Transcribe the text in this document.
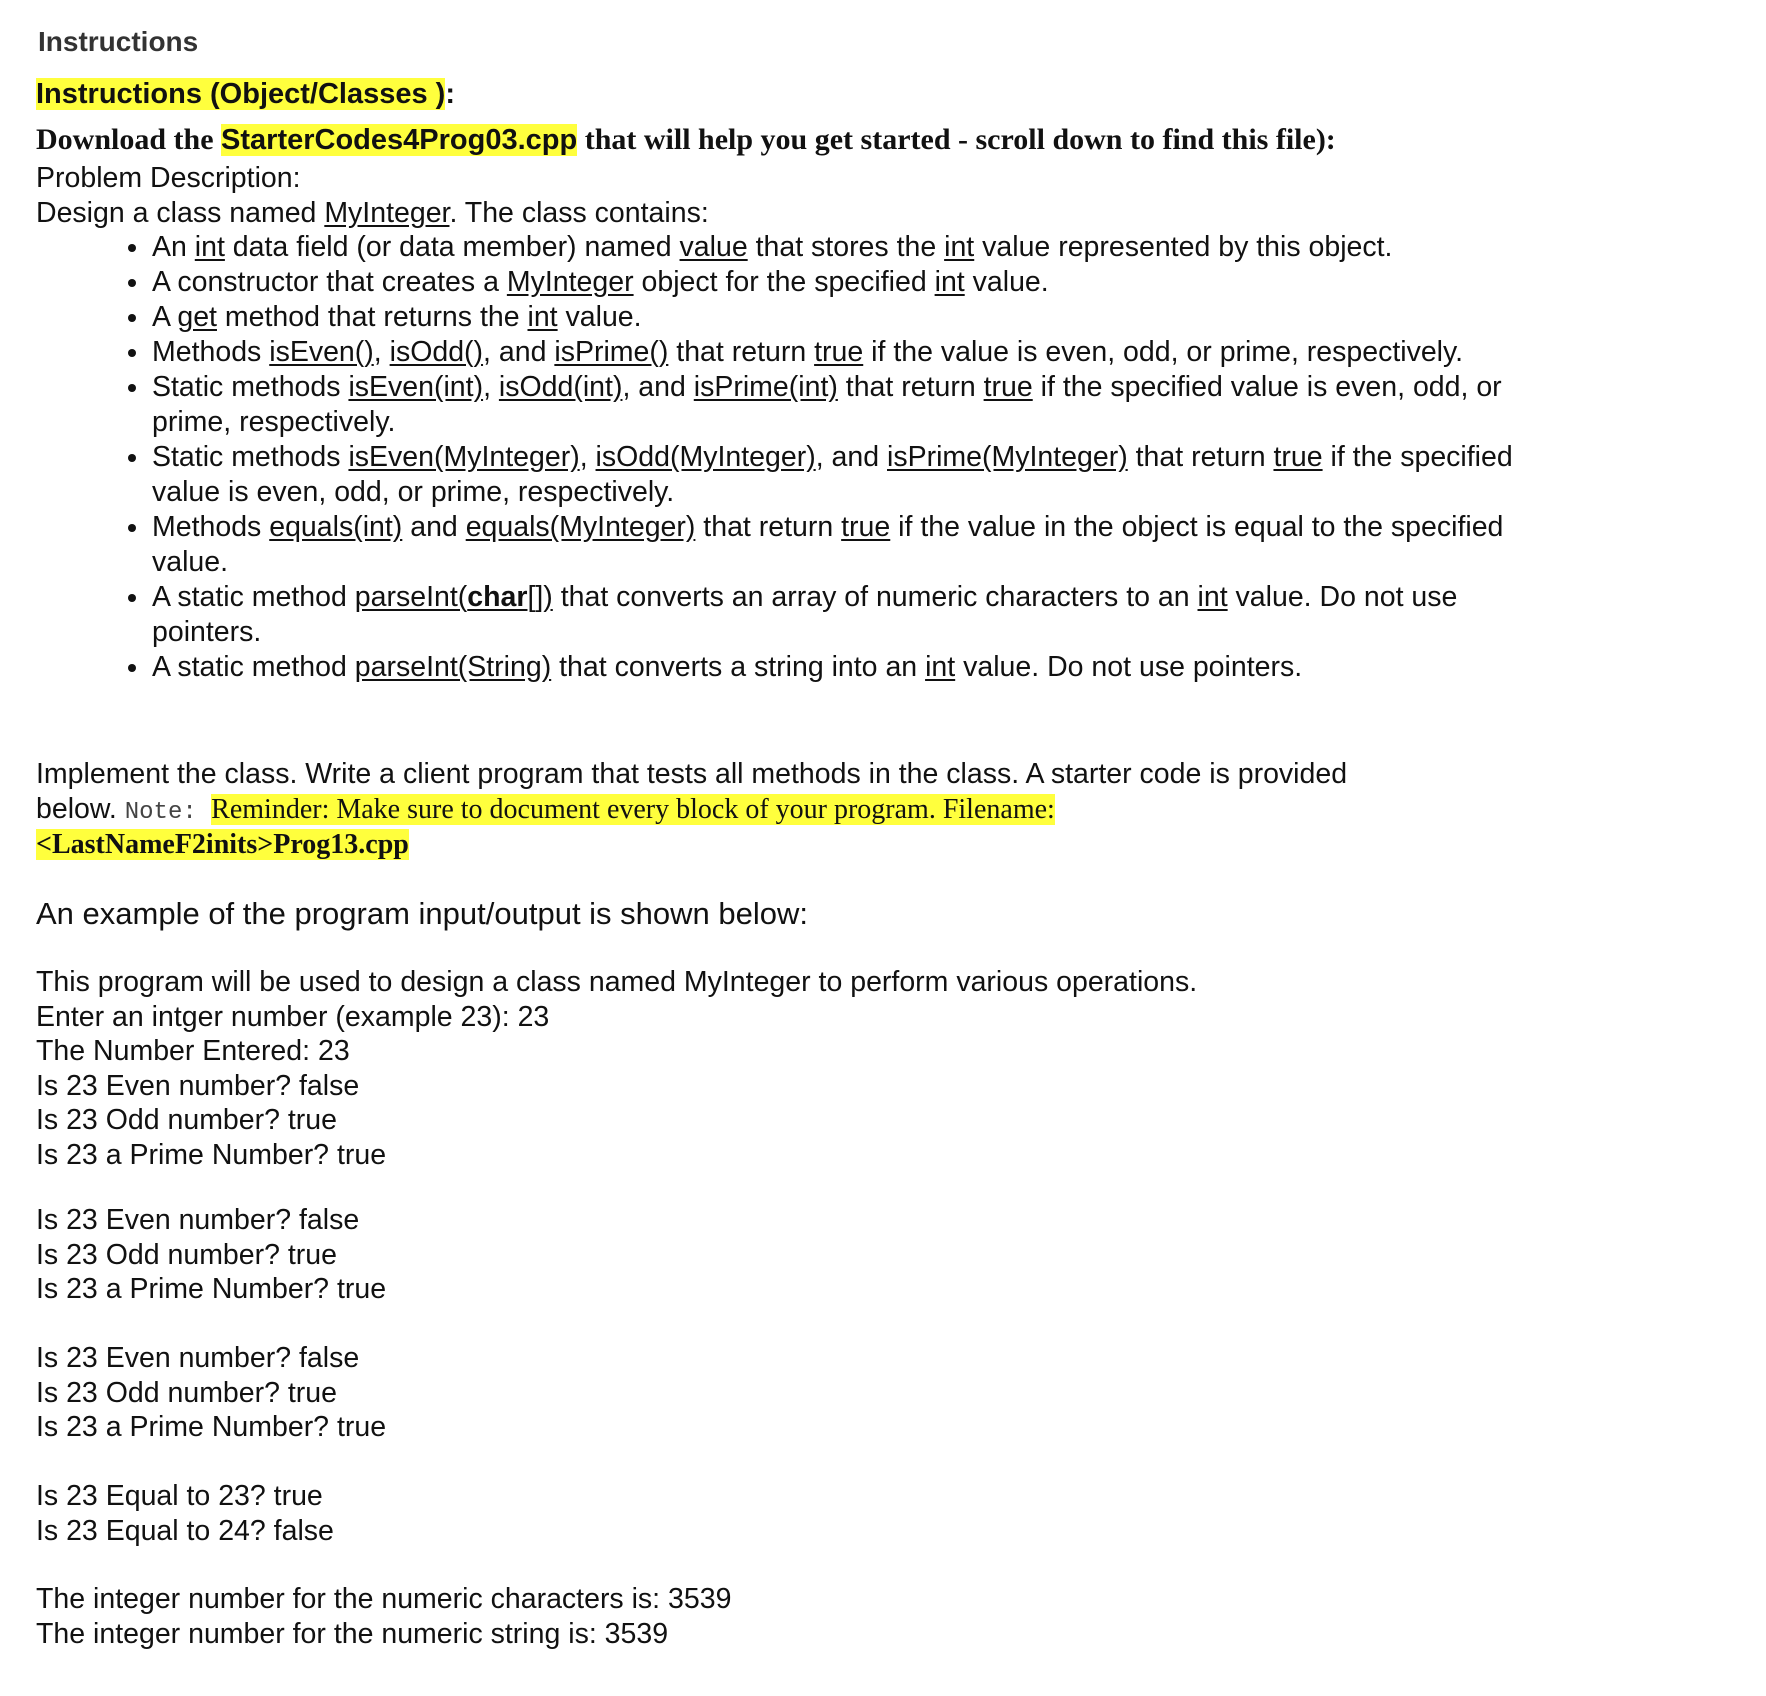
Instructions
Instructions (Object/Classes ):
Download the StarterCodes4Prog03.cpp that will help you get started - scroll down to find this file):
Problem Description:
Design a class named MyInteger. The class contains:
An int data field (or data member) named value that stores the int value represented by this object.
A constructor that creates a MyInteger object for the specified int value.
A get method that returns the int value.
Methods isEven(), isOdd(), and isPrime() that return true if the value is even, odd, or prime, respectively.
Static methods isEven(int), isOdd(int), and isPrime(int) that return true if the specified value is even, odd, or prime, respectively.
Static methods isEven(MyInteger), isOdd(MyInteger), and isPrime(MyInteger) that return true if the specified value is even, odd, or prime, respectively.
Methods equals(int) and equals(MyInteger) that return true if the value in the object is equal to the specified value.
A static method parseInt(char[]) that converts an array of numeric characters to an int value. Do not use pointers.
A static method parseInt(String) that converts a string into an int value. Do not use pointers.
Implement the class. Write a client program that tests all methods in the class. A starter code is provided
below. Note: Reminder: Make sure to document every block of your program. Filename:
<LastNameF2inits>Prog13.cpp
An example of the program input/output is shown below:
This program will be used to design a class named MyInteger to perform various operations.
Enter an intger number (example 23): 23
The Number Entered: 23
Is 23 Even number? false
Is 23 Odd number? true
Is 23 a Prime Number? true
Is 23 Even number? false
Is 23 Odd number? true
Is 23 a Prime Number? true
Is 23 Even number? false
Is 23 Odd number? true
Is 23 a Prime Number? true
Is 23 Equal to 23? true
Is 23 Equal to 24? false
The integer number for the numeric characters is: 3539
The integer number for the numeric string is: 3539
